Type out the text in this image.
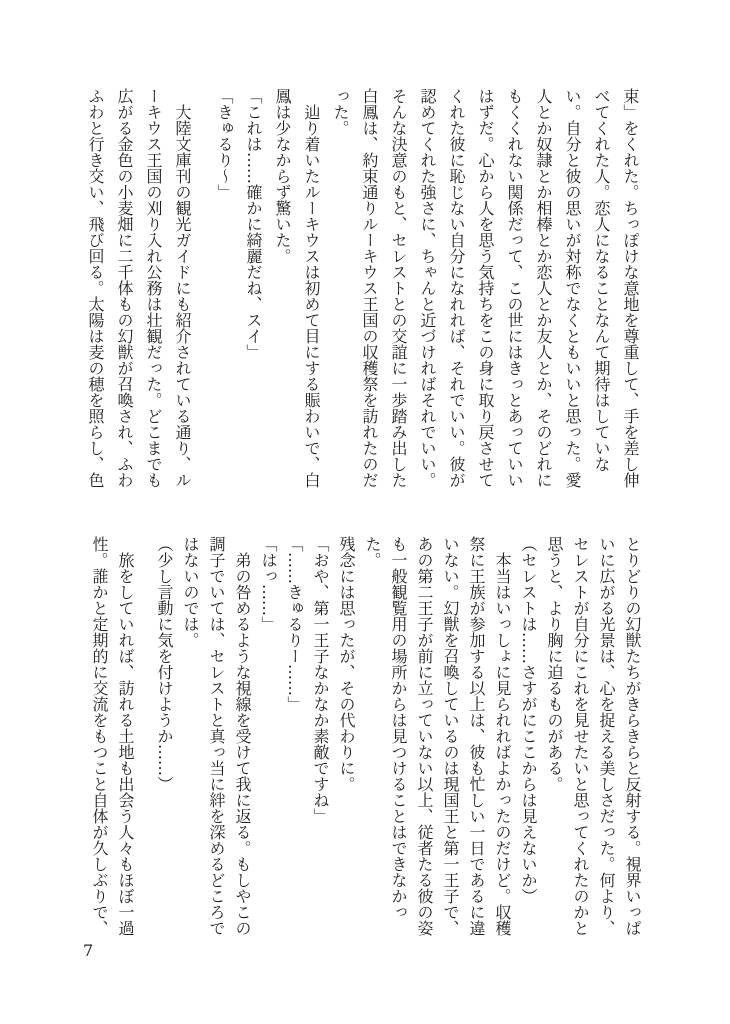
束」をくれた。ちっぽけな意地を尊重して、手を差し伸べてくれた人。恋人になることなんて期待はしていない。自分と彼の思いが対称でなくともいいと思った。愛人とか奴隷とか相棒とか恋人とか友人とか、そのどれにもくくれない関係だって、この世にはきっとあっていいはずだ。心から人を思う気持ちをこの身に取り戻させてくれた彼に恥じない自分になれれば、それでいい。彼が認めてくれた強さに、ちゃんと近づければそれでいい。そんな決意のもと、セレストとの交誼に一歩踏み出した白鳳は、約束通りルーキウス王国の収穫祭を訪れたのだった。

辿り着いたルーキウスは初めて目にする賑わいで、白鳳は少なからず驚いた。

「これは……確かに綺麗だね、スイ」

「きゅるり～」

大陸文庫刊の観光ガイドにも紹介されている通り、ルーキウス王国の刈り入れ公務は壮観だった。どこまでも広がる金色の小麦畑に二千体もの幻獣が召喚され、ふわふわと行き交い、飛び回る。太陽は麦の穂を照らし、色

とりどりの幻獣たちがきらきらと反射する。視界いっぱいに広がる光景は、心を捉える美しさだった。何より、セレストが自分にこれを見せたいと思ってくれたのかと思うと、より胸に迫るものがある。

（セレストは……さすがにここからは見えないか）

本当はいっしょに見られればよかったのだけど。収穫祭に王族が参加する以上は、彼も忙しい一日であるに違いない。幻獣を召喚しているのは現国王と第一王子で、あの第二王子が前に立っていない以上、従者たる彼の姿も一般観覧用の場所からは見つけることはできなかった。

残念には思ったが、その代わりに。

「おや、第一王子なかなか素敵ですね」

「……きゅるりー……」

「はっ……」

弟の咎めるような視線を受けて我に返る。もしやこの調子でいては、セレストと真っ当に絆を深めるどころではないのでは。

（少し言動に気を付けようか……）

旅をしていれば、訪れる土地も出会う人々もほぼ一過性。誰かと定期的に交流をもつこと自体が久しぶりで、

7
